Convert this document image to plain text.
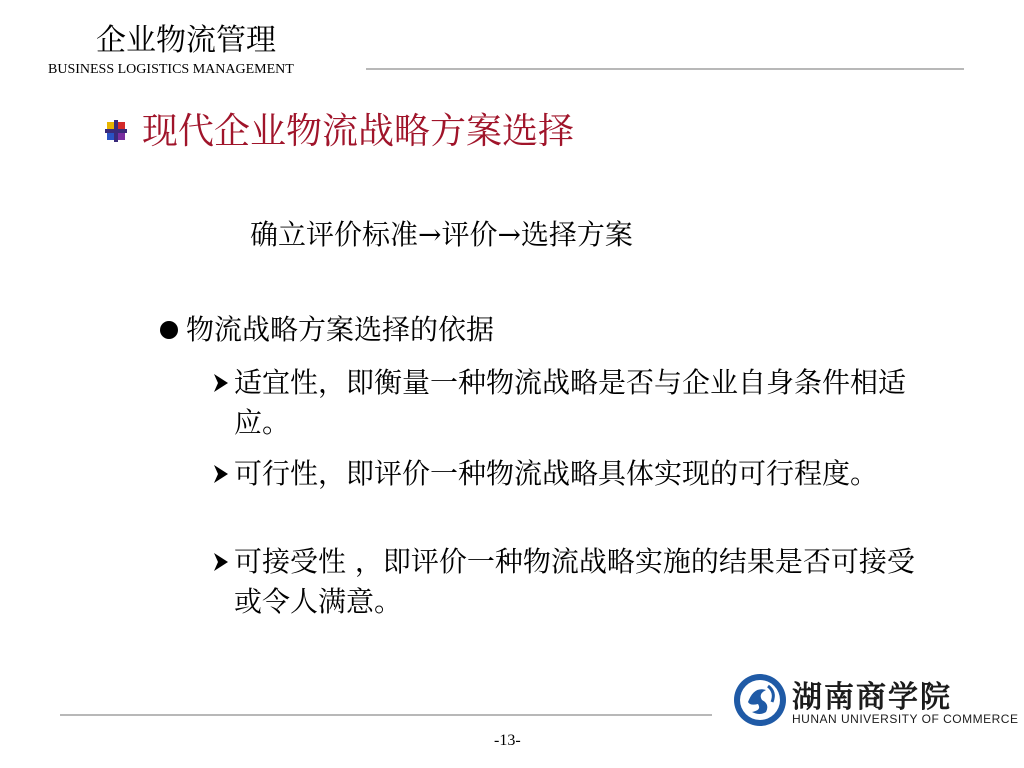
企业物流管理
BUSINESS LOGISTICS MANAGEMENT
现代企业物流战略方案选择
确立评价标准→评价→选择方案
物流战略方案选择的依据
适宜性，即衡量一种物流战略是否与企业自身条件相适应。
可行性，即评价一种物流战略具体实现的可行程度。
可接受性 ，即评价一种物流战略实施的结果是否可接受或令人满意。
-13-
湖南商学院
HUNAN UNIVERSITY OF COMMERCE
